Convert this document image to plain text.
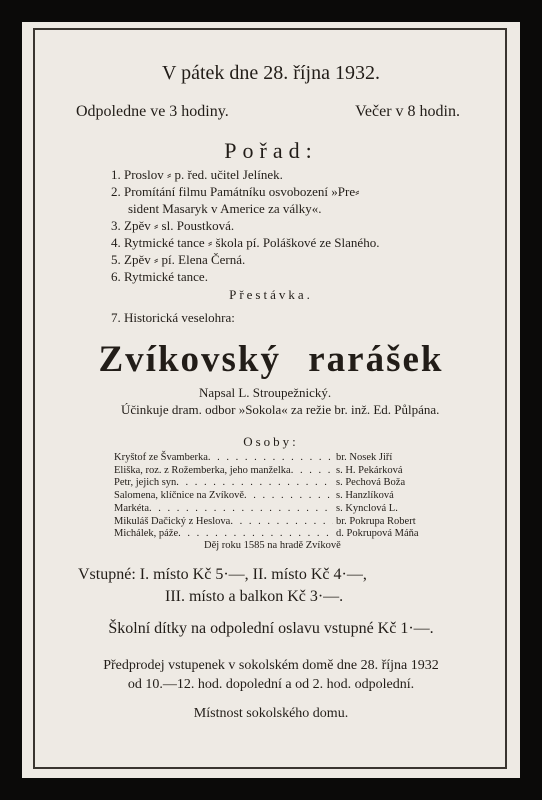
V pátek dne 28. října 1932.
Odpoledne ve 3 hodiny.	Večer v 8 hodin.
Pořad:
1. Proslov ⸗ p. řed. učitel Jelínek.
2. Promítání filmu Památníku osvobození »Pre⸗
sident Masaryk v Americe za války«.
3. Zpěv ⸗ sl. Poustková.
4. Rytmické tance ⸗ škola pí. Poláškové ze Slaného.
5. Zpěv ⸗ pí. Elena Černá.
6. Rytmické tance.
Přestávka.
7. Historická veselohra:
Zvíkovský rarášek
Napsal L. Stroupežnický.
Účinkuje dram. odbor »Sokola« za režie br. inž. Ed. Půlpána.
Osoby:
Kryštof ze Švamberka . . .	br. Nosek Jiří
Eliška, roz. z Rožemberka, jeho manželka . . .	s. H. Pekárková
Petr, jejich syn . . .	s. Pechová Boža
Salomena, klíčnice na Zvíkově . . .	s. Hanzlíková
Markéta . . .	s. Kynclová L.
Mikuláš Dačický z Heslova . . .	br. Pokrupa Robert
Michálek, páže . . .	d. Pokrupová Máňa
Děj roku 1585 na hradě Zvíkově
Vstupné: I. místo Kč 5·—, II. místo Kč 4·—,
III. místo a balkon Kč 3·—.
Školní dítky na odpolední oslavu vstupné Kč 1·—.
Předprodej vstupenek v sokolském domě dne 28. října 1932
od 10.—12. hod. dopolední a od 2. hod. odpolední.
Místnost sokolského domu.
